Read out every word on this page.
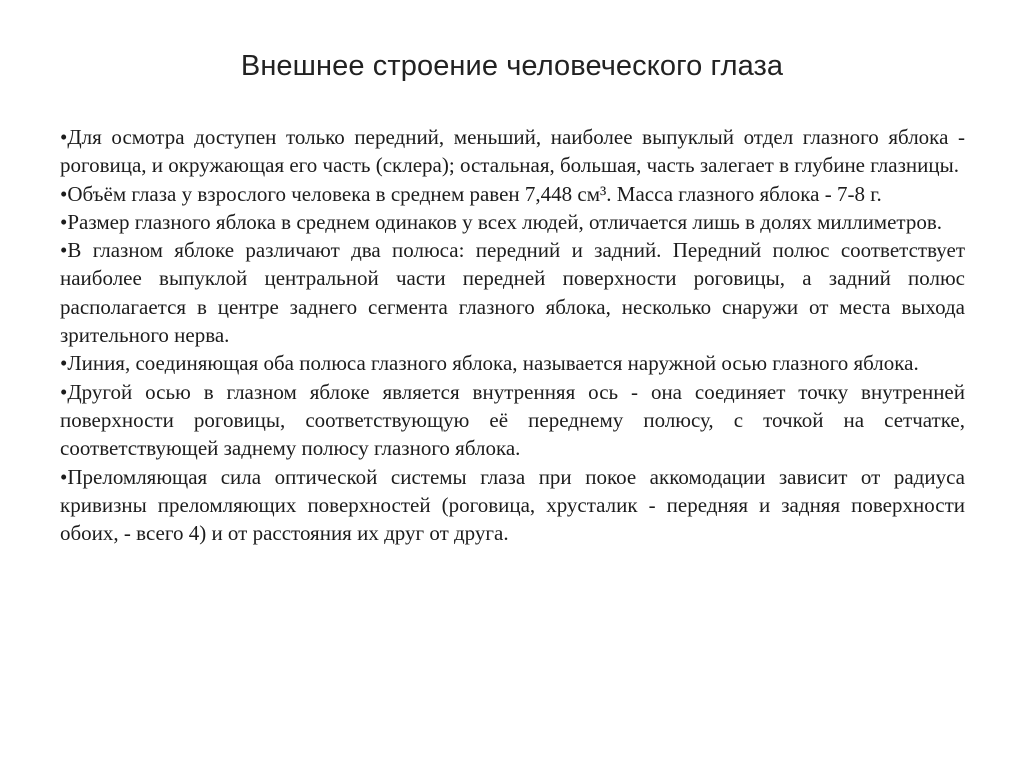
Внешнее строение человеческого глаза

•Для осмотра доступен только передний, меньший, наиболее выпуклый отдел глазного яблока - роговица, и окружающая его часть (склера); остальная, большая, часть залегает в глубине глазницы.

•Объём глаза у взрослого человека в среднем равен 7,448 см³. Масса глазного яблока - 7-8 г.

•Размер глазного яблока в среднем одинаков у всех людей, отличается лишь в долях миллиметров.

•В глазном яблоке различают два полюса: передний и задний. Передний полюс соответствует наиболее выпуклой центральной части передней поверхности роговицы, а задний полюс располагается в центре заднего сегмента глазного яблока, несколько снаружи от места выхода зрительного нерва.

•Линия, соединяющая оба полюса глазного яблока, называется наружной осью глазного яблока.

•Другой осью в глазном яблоке является внутренняя ось - она соединяет точку внутренней поверхности роговицы, соответствующую её переднему полюсу, с точкой на сетчатке, соответствующей заднему полюсу глазного яблока.

•Преломляющая сила оптической системы глаза при покое аккомодации зависит от радиуса кривизны преломляющих поверхностей (роговица, хрусталик - передняя и задняя поверхности обоих, - всего 4) и от расстояния их друг от друга.
